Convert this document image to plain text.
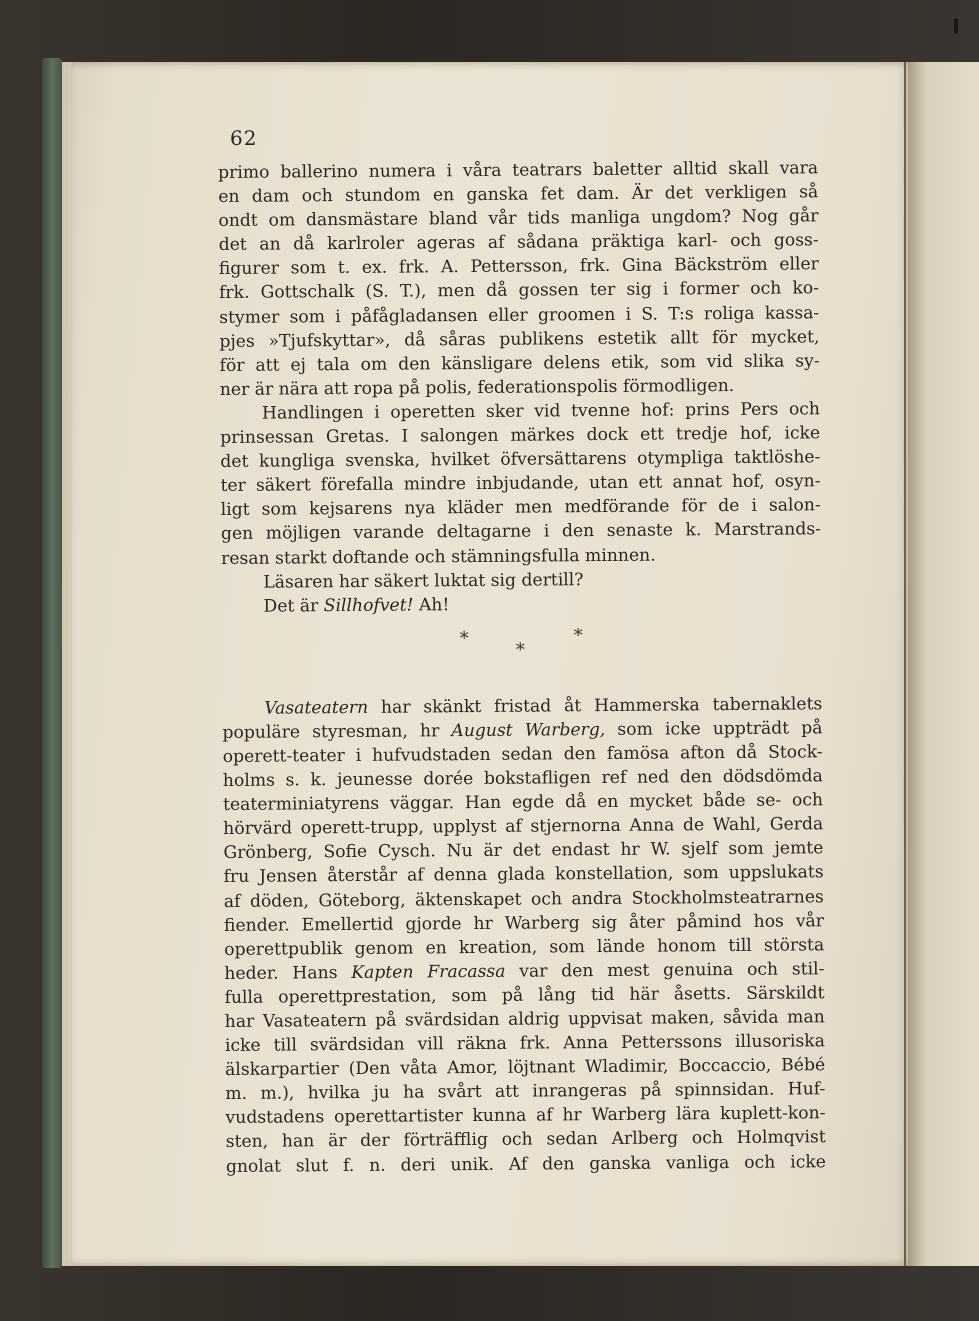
62
primo ballerino numera i våra teatrars baletter alltid skall vara
en dam och stundom en ganska fet dam. Är det verkligen så
ondt om dansmästare bland vår tids manliga ungdom? Nog går
det an då karlroler ageras af sådana präktiga karl- och goss-
figurer som t. ex. frk. A. Pettersson, frk. Gina Bäckström eller
frk. Gottschalk (S. T.), men då gossen ter sig i former och ko-
stymer som i påfågladansen eller groomen i S. T:s roliga kassa-
pjes »Tjufskyttar», då såras publikens estetik allt för mycket,
för att ej tala om den känsligare delens etik, som vid slika sy-
ner är nära att ropa på polis, federationspolis förmodligen.
Handlingen i operetten sker vid tvenne hof: prins Pers och
prinsessan Gretas. I salongen märkes dock ett tredje hof, icke
det kungliga svenska, hvilket öfversättarens otympliga taktlöshe-
ter säkert förefalla mindre inbjudande, utan ett annat hof, osyn-
ligt som kejsarens nya kläder men medförande för de i salon-
gen möjligen varande deltagarne i den senaste k. Marstrands-
resan starkt doftande och stämningsfulla minnen.
Läsaren har säkert luktat sig dertill?
Det är Sillhofvet! Ah!
*
*
*
Vasateatern har skänkt fristad åt Hammerska tabernaklets
populäre styresman, hr August Warberg, som icke uppträdt på
operett-teater i hufvudstaden sedan den famösa afton då Stock-
holms s. k. jeunesse dorée bokstafligen ref ned den dödsdömda
teaterminiatyrens väggar. Han egde då en mycket både se- och
hörvärd operett-trupp, upplyst af stjernorna Anna de Wahl, Gerda
Grönberg, Sofie Cysch. Nu är det endast hr W. sjelf som jemte
fru Jensen återstår af denna glada konstellation, som uppslukats
af döden, Göteborg, äktenskapet och andra Stockholmsteatrarnes
fiender. Emellertid gjorde hr Warberg sig åter påmind hos vår
operettpublik genom en kreation, som lände honom till största
heder. Hans Kapten Fracassa var den mest genuina och stil-
fulla operettprestation, som på lång tid här åsetts. Särskildt
har Vasateatern på svärdsidan aldrig uppvisat maken, såvida man
icke till svärdsidan vill räkna frk. Anna Petterssons illusoriska
älskarpartier (Den våta Amor, löjtnant Wladimir, Boccaccio, Bébé
m. m.), hvilka ju ha svårt att inrangeras på spinnsidan. Huf-
vudstadens operettartister kunna af hr Warberg lära kuplett-kon-
sten, han är der förträfflig och sedan Arlberg och Holmqvist
gnolat slut f. n. deri unik. Af den ganska vanliga och icke
